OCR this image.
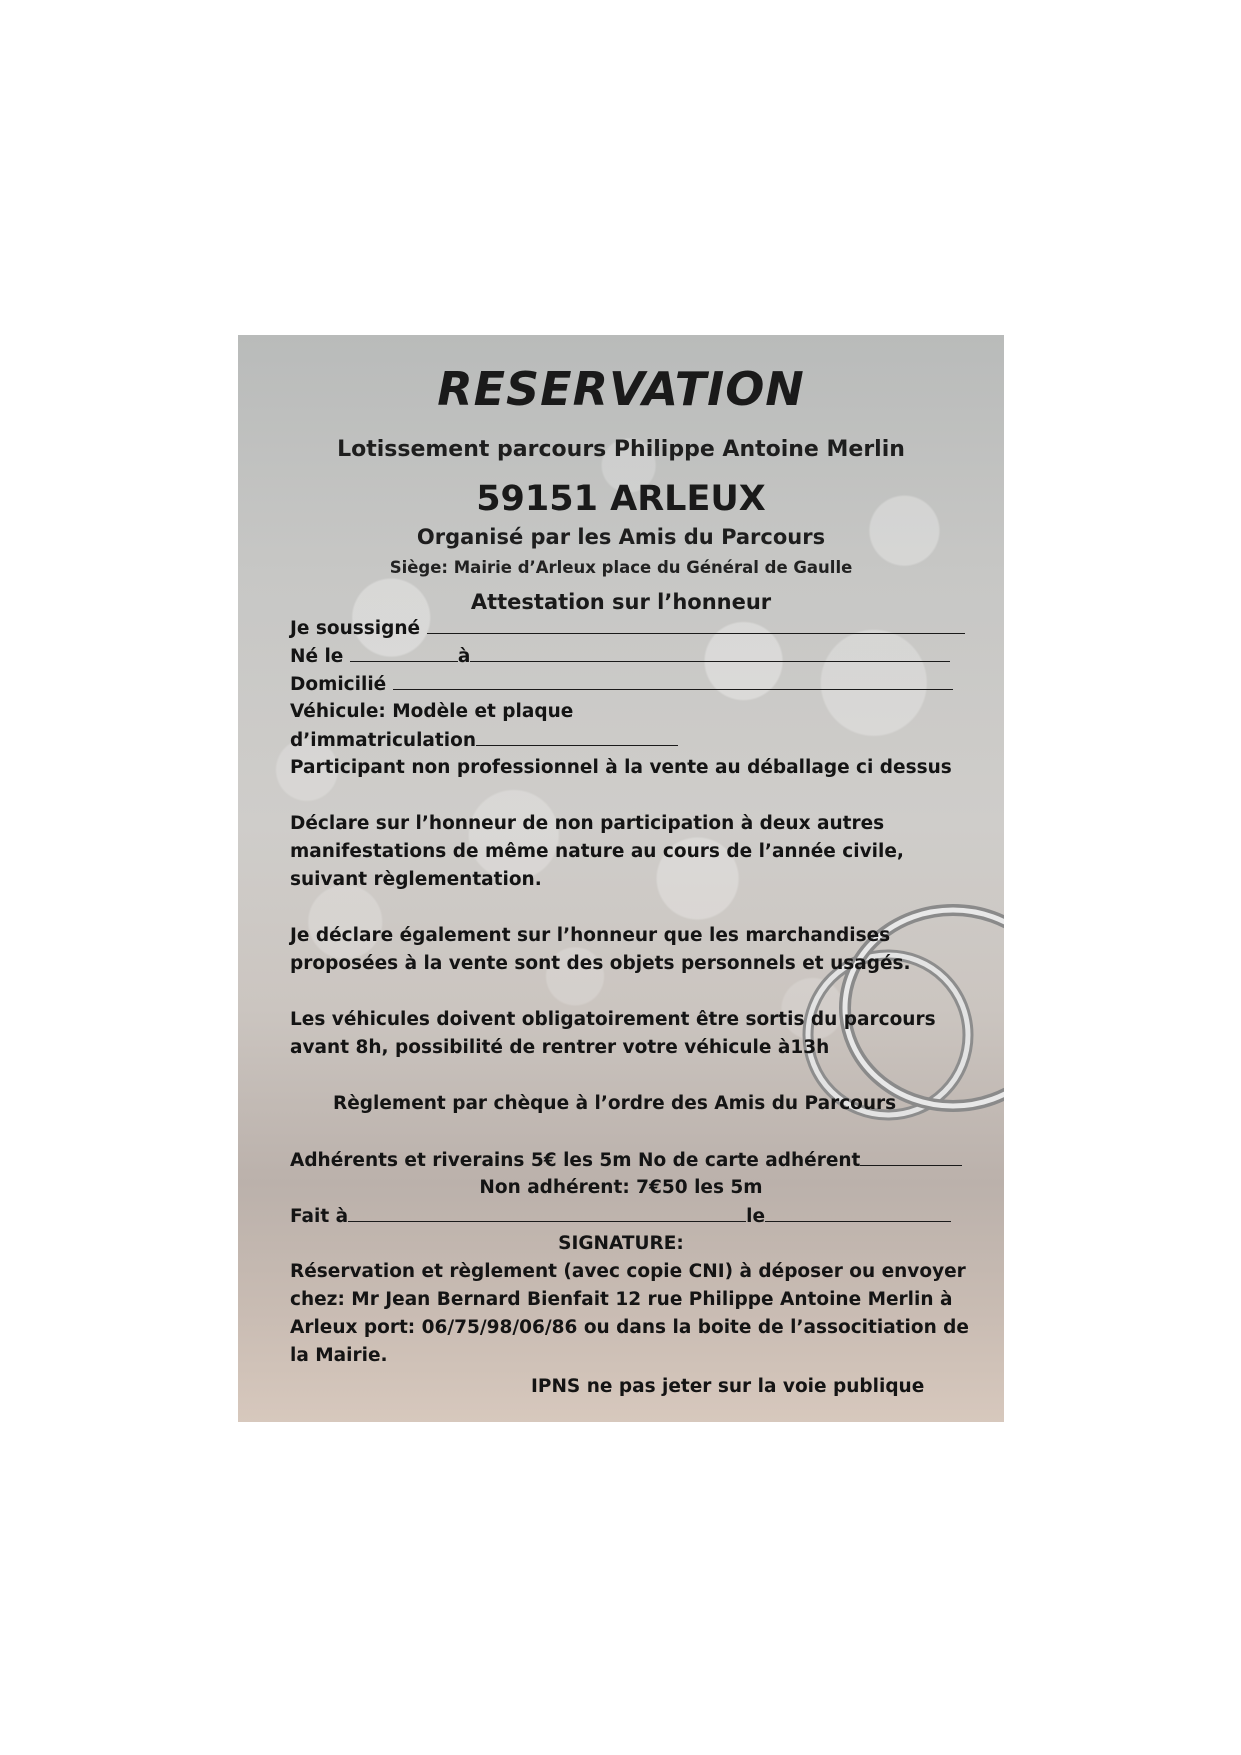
RESERVATION

Lotissement parcours Philippe Antoine Merlin

59151 ARLEUX

Organisé par les Amis du Parcours

Siège: Mairie d’Arleux place du Général de Gaulle

Attestation sur l’honneur

Je soussigné

Né le	à

Domicilié

Véhicule: Modèle et plaque

d’immatriculation

Participant non professionnel à la vente au déballage ci dessus

Déclare sur l’honneur de non participation à deux autres

manifestations de même nature au cours de l’année civile,

suivant règlementation.

Je déclare également sur l’honneur que les marchandises

proposées à la vente sont des objets personnels et usagés.

Les véhicules doivent obligatoirement être sortis du parcours

avant 8h, possibilité de rentrer votre véhicule à13h

Règlement par chèque à l’ordre des Amis du Parcours

Adhérents et riverains 5€ les 5m No de carte adhérent

Non adhérent: 7€50 les 5m

Fait à	le

SIGNATURE:

Réservation et règlement (avec copie CNI) à déposer ou envoyer

chez: Mr Jean Bernard Bienfait 12 rue Philippe Antoine Merlin à

Arleux port: 06/75/98/06/86 ou dans la boite de l’associtiation de

la Mairie.

IPNS ne pas jeter sur la voie publique
